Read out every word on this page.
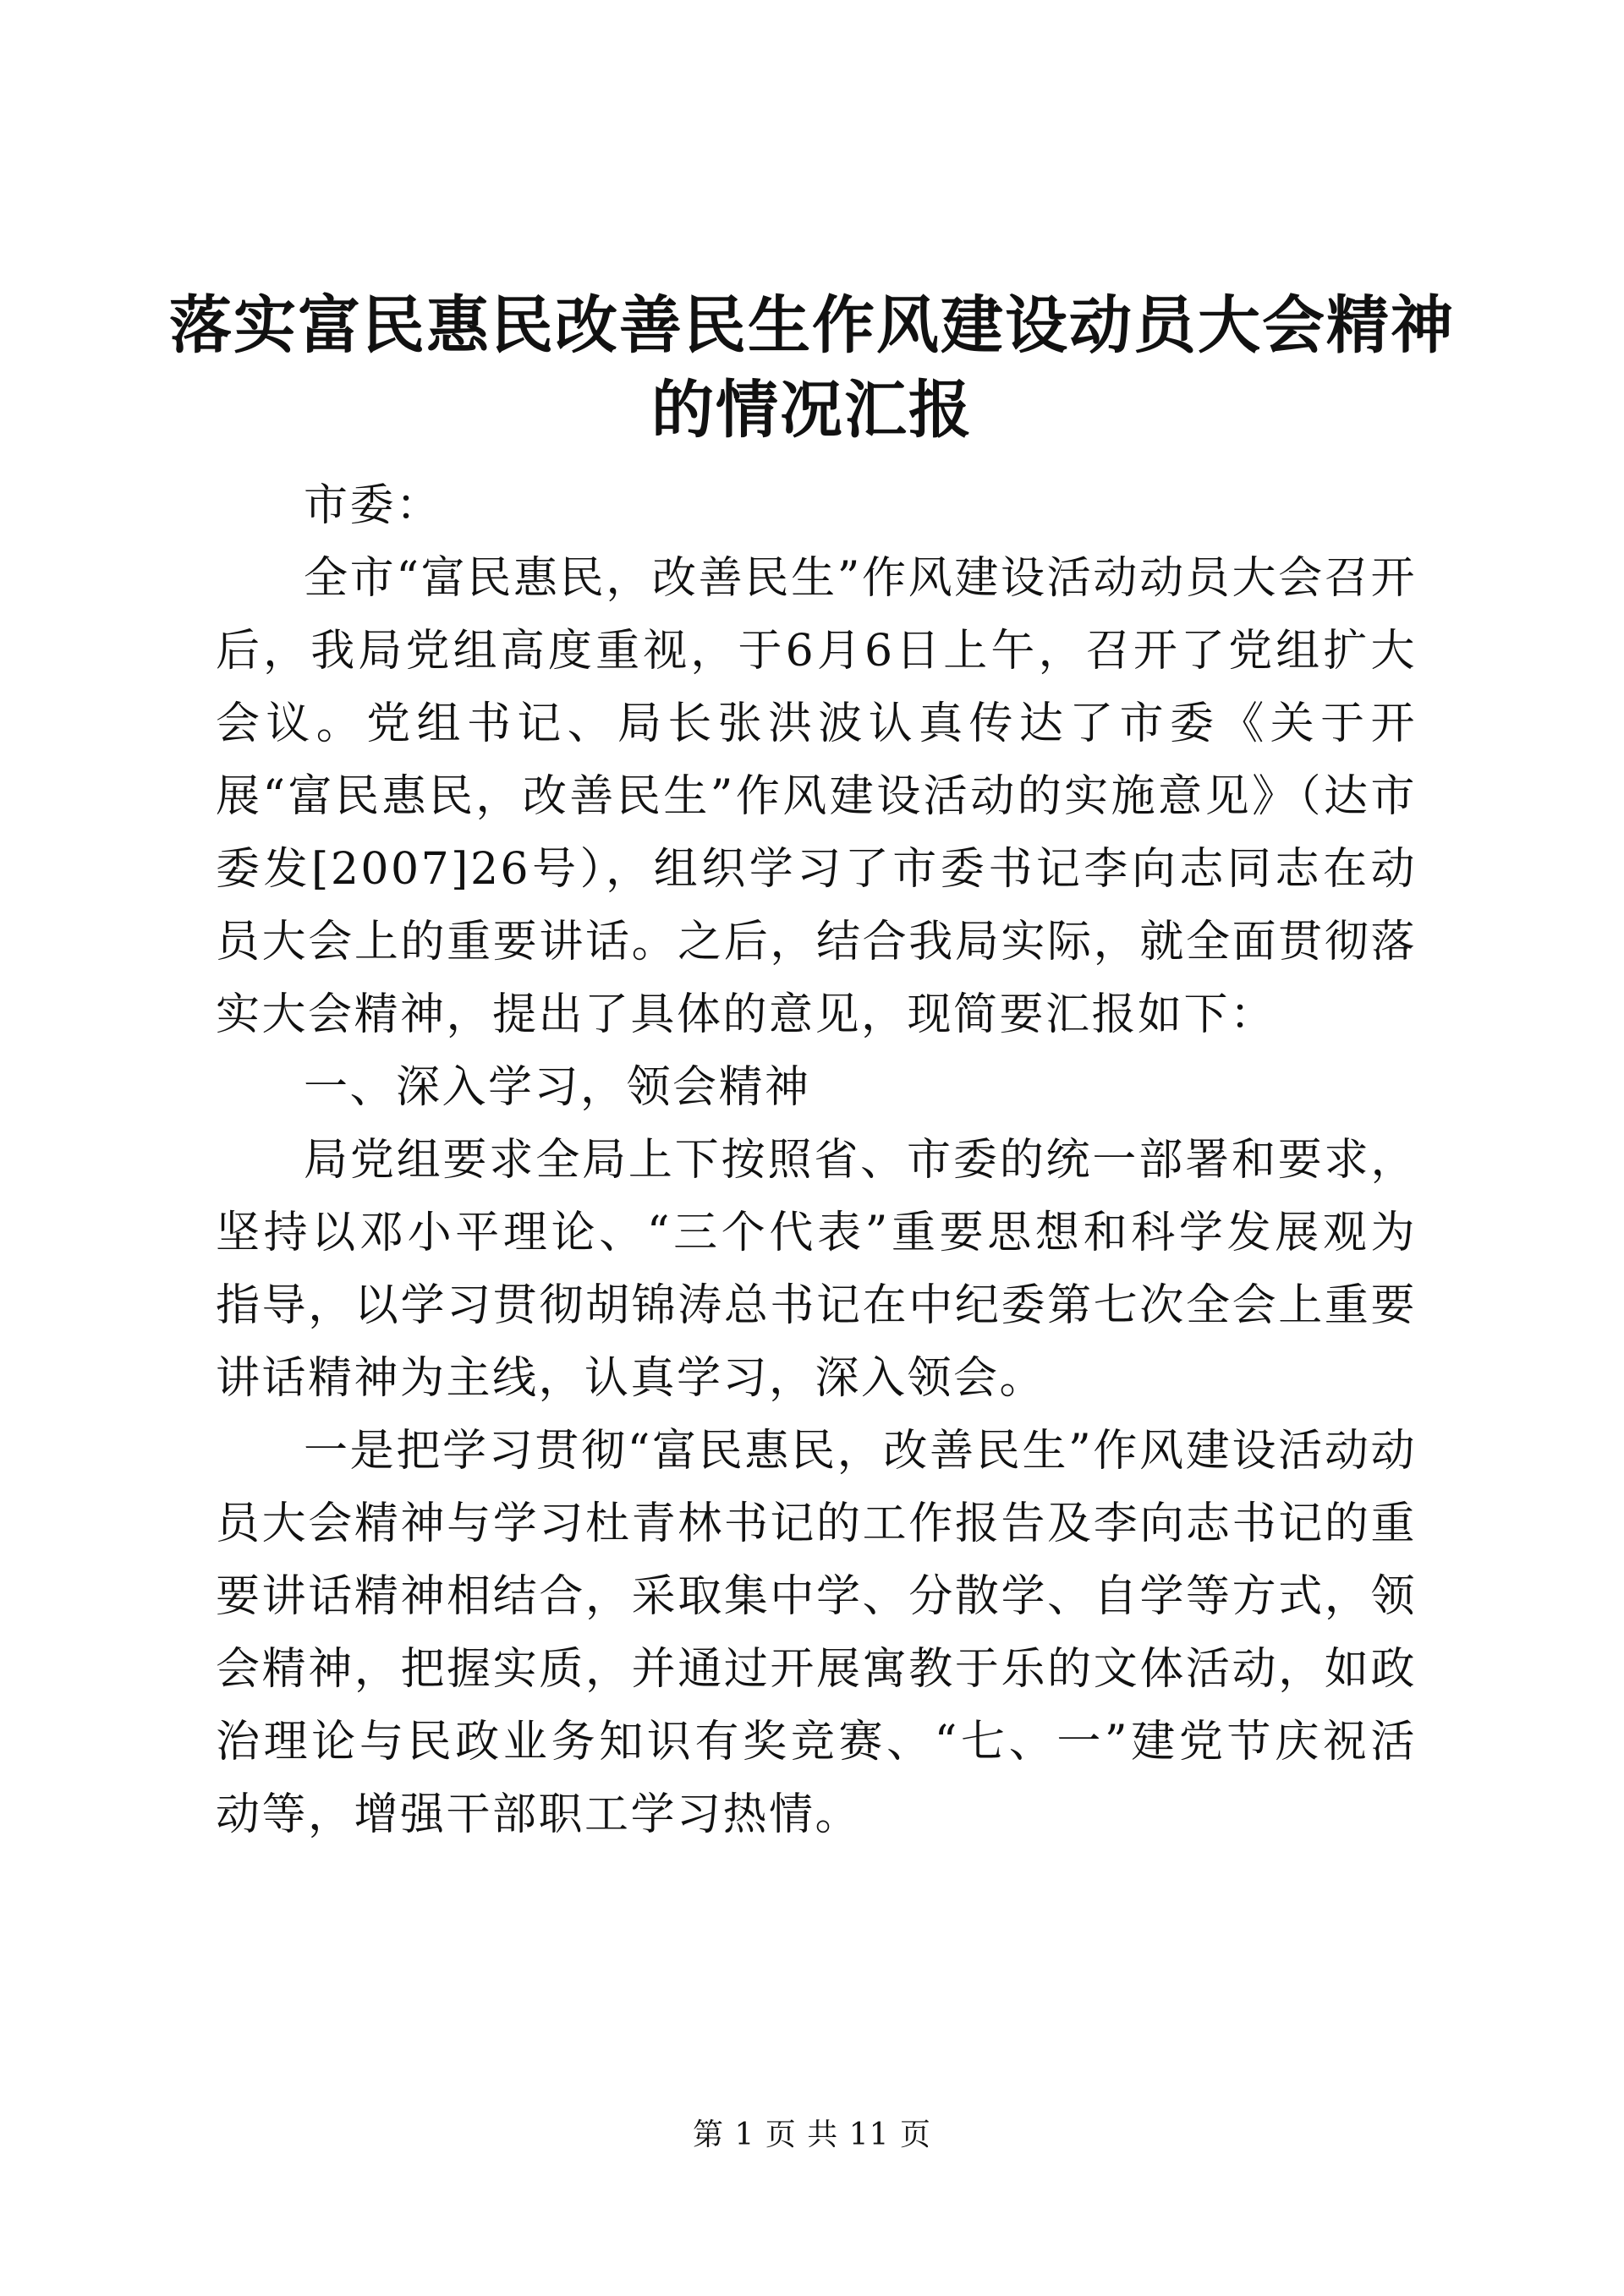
落实富民惠民改善民生作风建设动员大会精神
的情况汇报

市委：

全市“富民惠民，改善民生”作风建设活动动员大会召开后，我局党组高度重视，于6月6日上午，召开了党组扩大会议。党组书记、局长张洪波认真传达了市委《关于开展“富民惠民，改善民生”作风建设活动的实施意见》（达市委发[2007]26号），组织学习了市委书记李向志同志在动员大会上的重要讲话。之后，结合我局实际，就全面贯彻落实大会精神，提出了具体的意见，现简要汇报如下：

一、深入学习，领会精神

局党组要求全局上下按照省、市委的统一部署和要求，坚持以邓小平理论、“三个代表”重要思想和科学发展观为指导，以学习贯彻胡锦涛总书记在中纪委第七次全会上重要讲话精神为主线，认真学习，深入领会。

一是把学习贯彻“富民惠民，改善民生”作风建设活动动员大会精神与学习杜青林书记的工作报告及李向志书记的重要讲话精神相结合，采取集中学、分散学、自学等方式，领会精神，把握实质，并通过开展寓教于乐的文体活动，如政治理论与民政业务知识有奖竞赛、“七、一”建党节庆祝活动等，增强干部职工学习热情。

第 1 页 共 11 页
